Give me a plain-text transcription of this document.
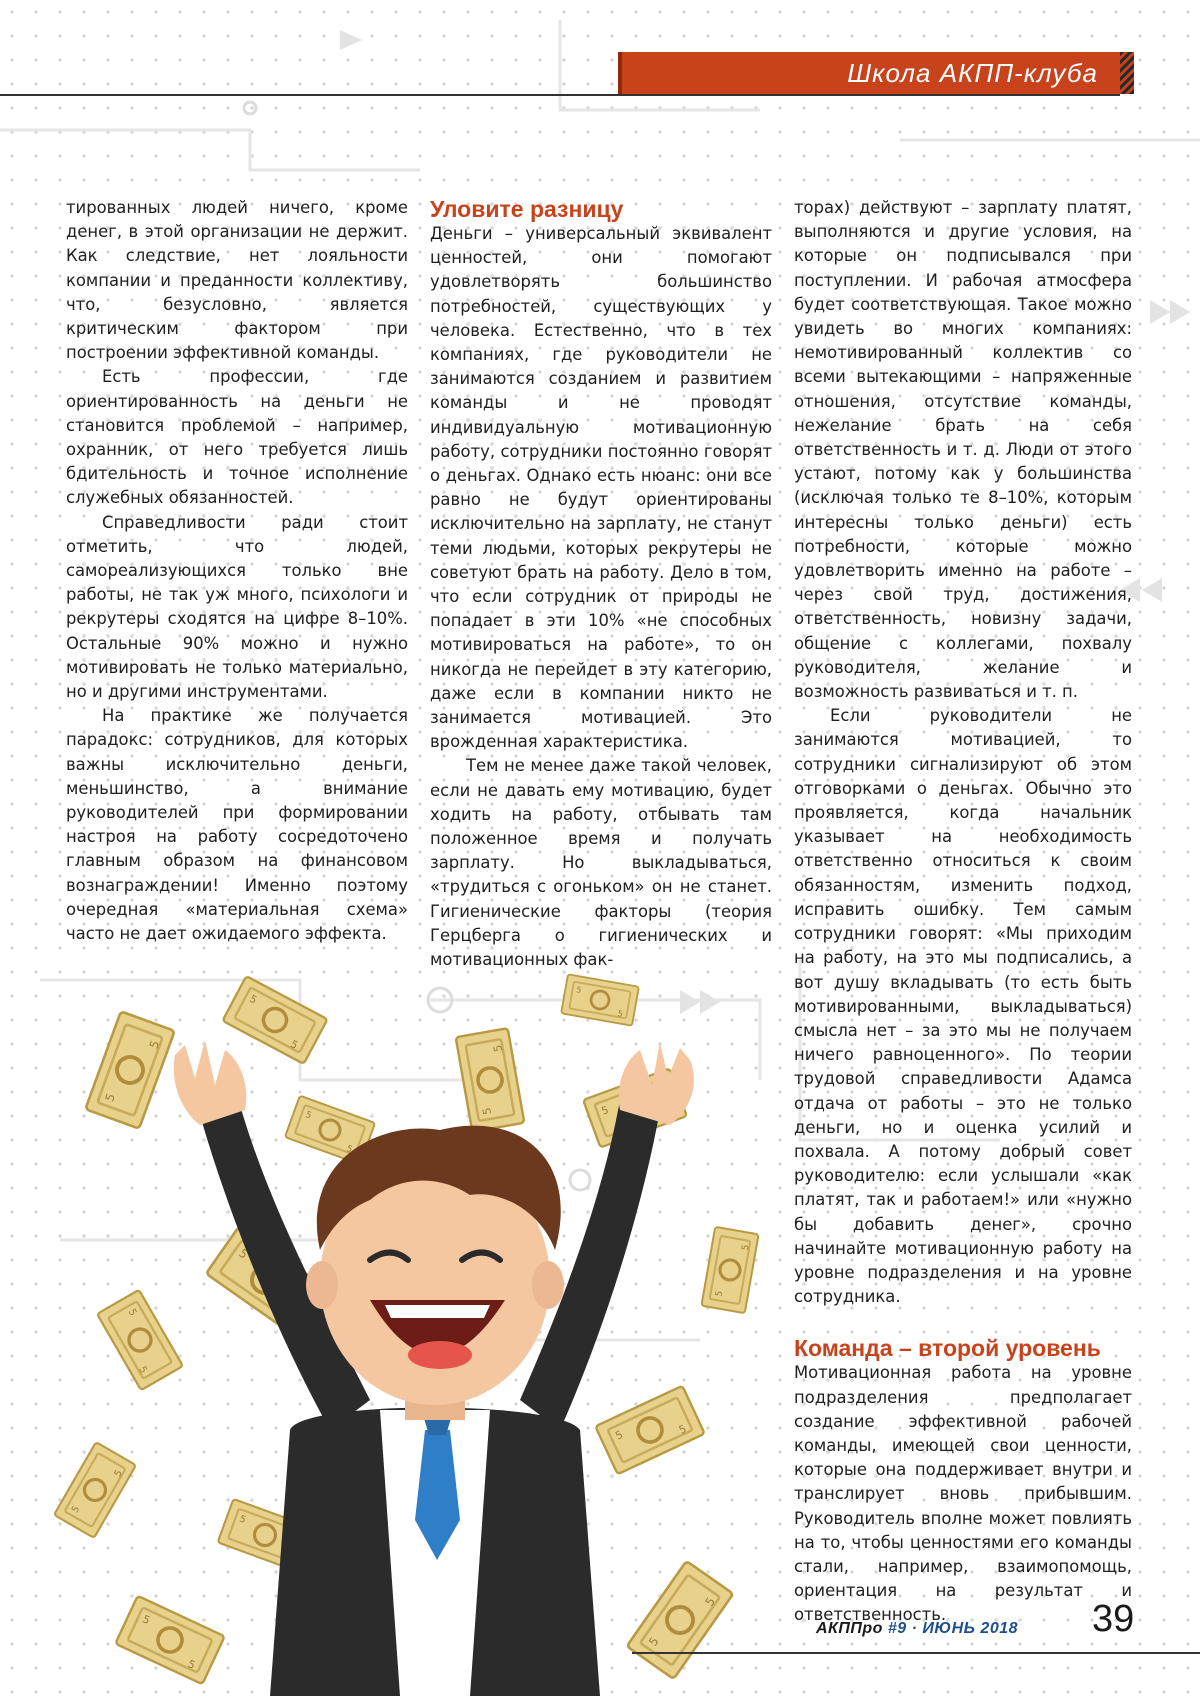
Школа АКПП-клуба
5

тированных людей ничего, кроме денег, в этой организации не держит. Как следствие, нет лояльности компании и преданности коллективу, что, безусловно, является критическим фактором при построении эффективной команды.

Есть профессии, где ориентированность на деньги не становится проблемой – например, охранник, от него требуется лишь бдительность и точное исполнение служебных обязанностей.

Справедливости ради стоит отметить, что людей, самореализующихся только вне работы, не так уж много, психологи и рекрутеры сходятся на цифре 8–10%. Остальные 90% можно и нужно мотивировать не только материально, но и другими инструментами.

На практике же получается парадокс: сотрудников, для которых важны исключительно деньги, меньшинство, а внимание руководителей при формировании настроя на работу сосредоточено главным образом на финансовом вознаграждении! Именно поэтому очередная «материальная схема» часто не дает ожидаемого эффекта.

Уловите разницу

Деньги – универсальный эквивалент ценностей, они помогают удовлетворять большинство потребностей, существующих у человека. Естественно, что в тех компаниях, где руководители не занимаются созданием и развитием команды и не проводят индивидуальную мотивационную работу, сотрудники постоянно говорят о деньгах. Однако есть нюанс: они все равно не будут ориентированы исключительно на зарплату, не станут теми людьми, которых рекрутеры не советуют брать на работу. Дело в том, что если сотрудник от природы не попадает в эти 10% «не способных мотивироваться на работе», то он никогда не перейдет в эту категорию, даже если в компании никто не занимается мотивацией. Это врожденная характеристика.

Тем не менее даже такой человек, если не давать ему мотивацию, будет ходить на работу, отбывать там положенное время и получать зарплату. Но выкладываться, «трудиться с огоньком» он не станет. Гигиенические факторы (теория Герцберга о гигиенических и мотивационных фак-

торах) действуют – зарплату платят, выполняются и другие условия, на которые он подписывался при поступлении. И рабочая атмосфера будет соответствующая. Такое можно увидеть во многих компаниях: немотивированный коллектив со всеми вытекающими – напряженные отношения, отсутствие команды, нежелание брать на себя ответственность и т. д. Люди от этого устают, потому как у большинства (исключая только те 8–10%, которым интересны только деньги) есть потребности, которые можно удовлетворить именно на работе – через свой труд, достижения, ответственность, новизну задачи, общение с коллегами, похвалу руководителя, желание и возможность развиваться и т. п.

Если руководители не занимаются мотивацией, то сотрудники сигнализируют об этом отговорками о деньгах. Обычно это проявляется, когда начальник указывает на необходимость ответственно относиться к своим обязанностям, изменить подход, исправить ошибку. Тем самым сотрудники говорят: «Мы приходим на работу, на это мы подписались, а вот душу вкладывать (то есть быть мотивированными, выкладываться) смысла нет – за это мы не получаем ничего равноценного». По теории трудовой справедливости Адамса отдача от работы – это не только деньги, но и оценка усилий и похвала. А потому добрый совет руководителю: если услышали «как платят, так и работаем!» или «нужно бы добавить денег», срочно начинайте мотивационную работу на уровне подразделения и на уровне сотрудника.

Команда – второй уровень

Мотивационная работа на уровне подразделения предполагает создание эффективной рабочей команды, имеющей свои ценности, которые она поддерживает внутри и транслирует вновь прибывшим. Руководитель вполне может повлиять на то, чтобы ценностями его команды стали, например, взаимопомощь, ориентация на результат и ответственность.

АКППро #9 · ИЮНЬ 2018 39
